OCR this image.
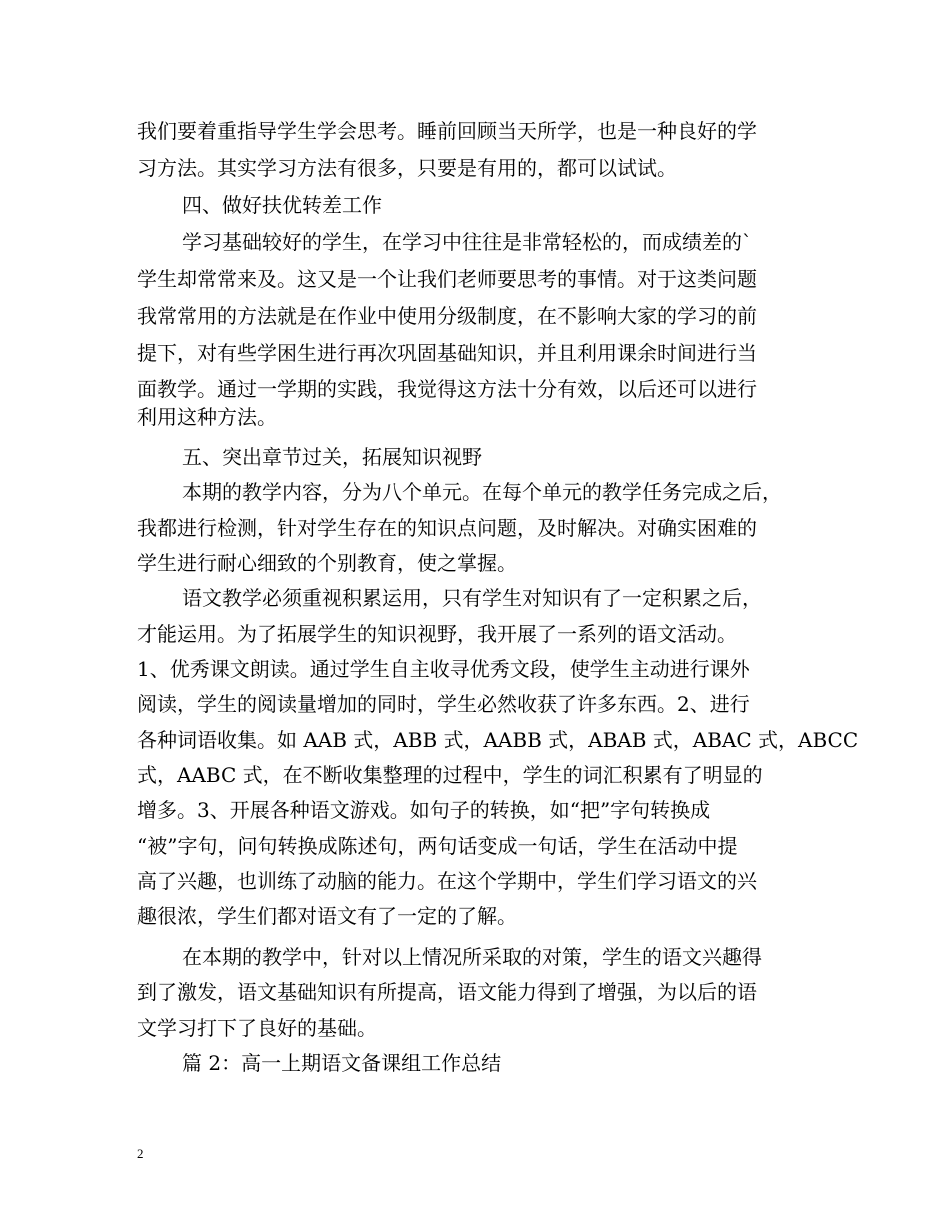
我们要着重指导学生学会思考。睡前回顾当天所学，也是一种良好的学
习方法。其实学习方法有很多，只要是有用的，都可以试试。
四、做好扶优转差工作
学习基础较好的学生，在学习中往往是非常轻松的，而成绩差的`
学生却常常来及。这又是一个让我们老师要思考的事情。对于这类问题
我常常用的方法就是在作业中使用分级制度，在不影响大家的学习的前
提下，对有些学困生进行再次巩固基础知识，并且利用课余时间进行当
面教学。通过一学期的实践，我觉得这方法十分有效，以后还可以进行
利用这种方法。
五、突出章节过关，拓展知识视野
本期的教学内容，分为八个单元。在每个单元的教学任务完成之后，
我都进行检测，针对学生存在的知识点问题，及时解决。对确实困难的
学生进行耐心细致的个别教育，使之掌握。
语文教学必须重视积累运用，只有学生对知识有了一定积累之后，
才能运用。为了拓展学生的知识视野，我开展了一系列的语文活动。
1、优秀课文朗读。通过学生自主收寻优秀文段，使学生主动进行课外
阅读，学生的阅读量增加的同时，学生必然收获了许多东西。2、进行
各种词语收集。如 AAB 式，ABB 式，AABB 式，ABAB 式，ABAC 式，ABCC
式，AABC 式，在不断收集整理的过程中，学生的词汇积累有了明显的
增多。3、开展各种语文游戏。如句子的转换，如“把”字句转换成
“被”字句，问句转换成陈述句，两句话变成一句话，学生在活动中提
高了兴趣，也训练了动脑的能力。在这个学期中，学生们学习语文的兴
趣很浓，学生们都对语文有了一定的了解。
在本期的教学中，针对以上情况所采取的对策，学生的语文兴趣得
到了激发，语文基础知识有所提高，语文能力得到了增强，为以后的语
文学习打下了良好的基础。
篇 2：高一上期语文备课组工作总结
2
